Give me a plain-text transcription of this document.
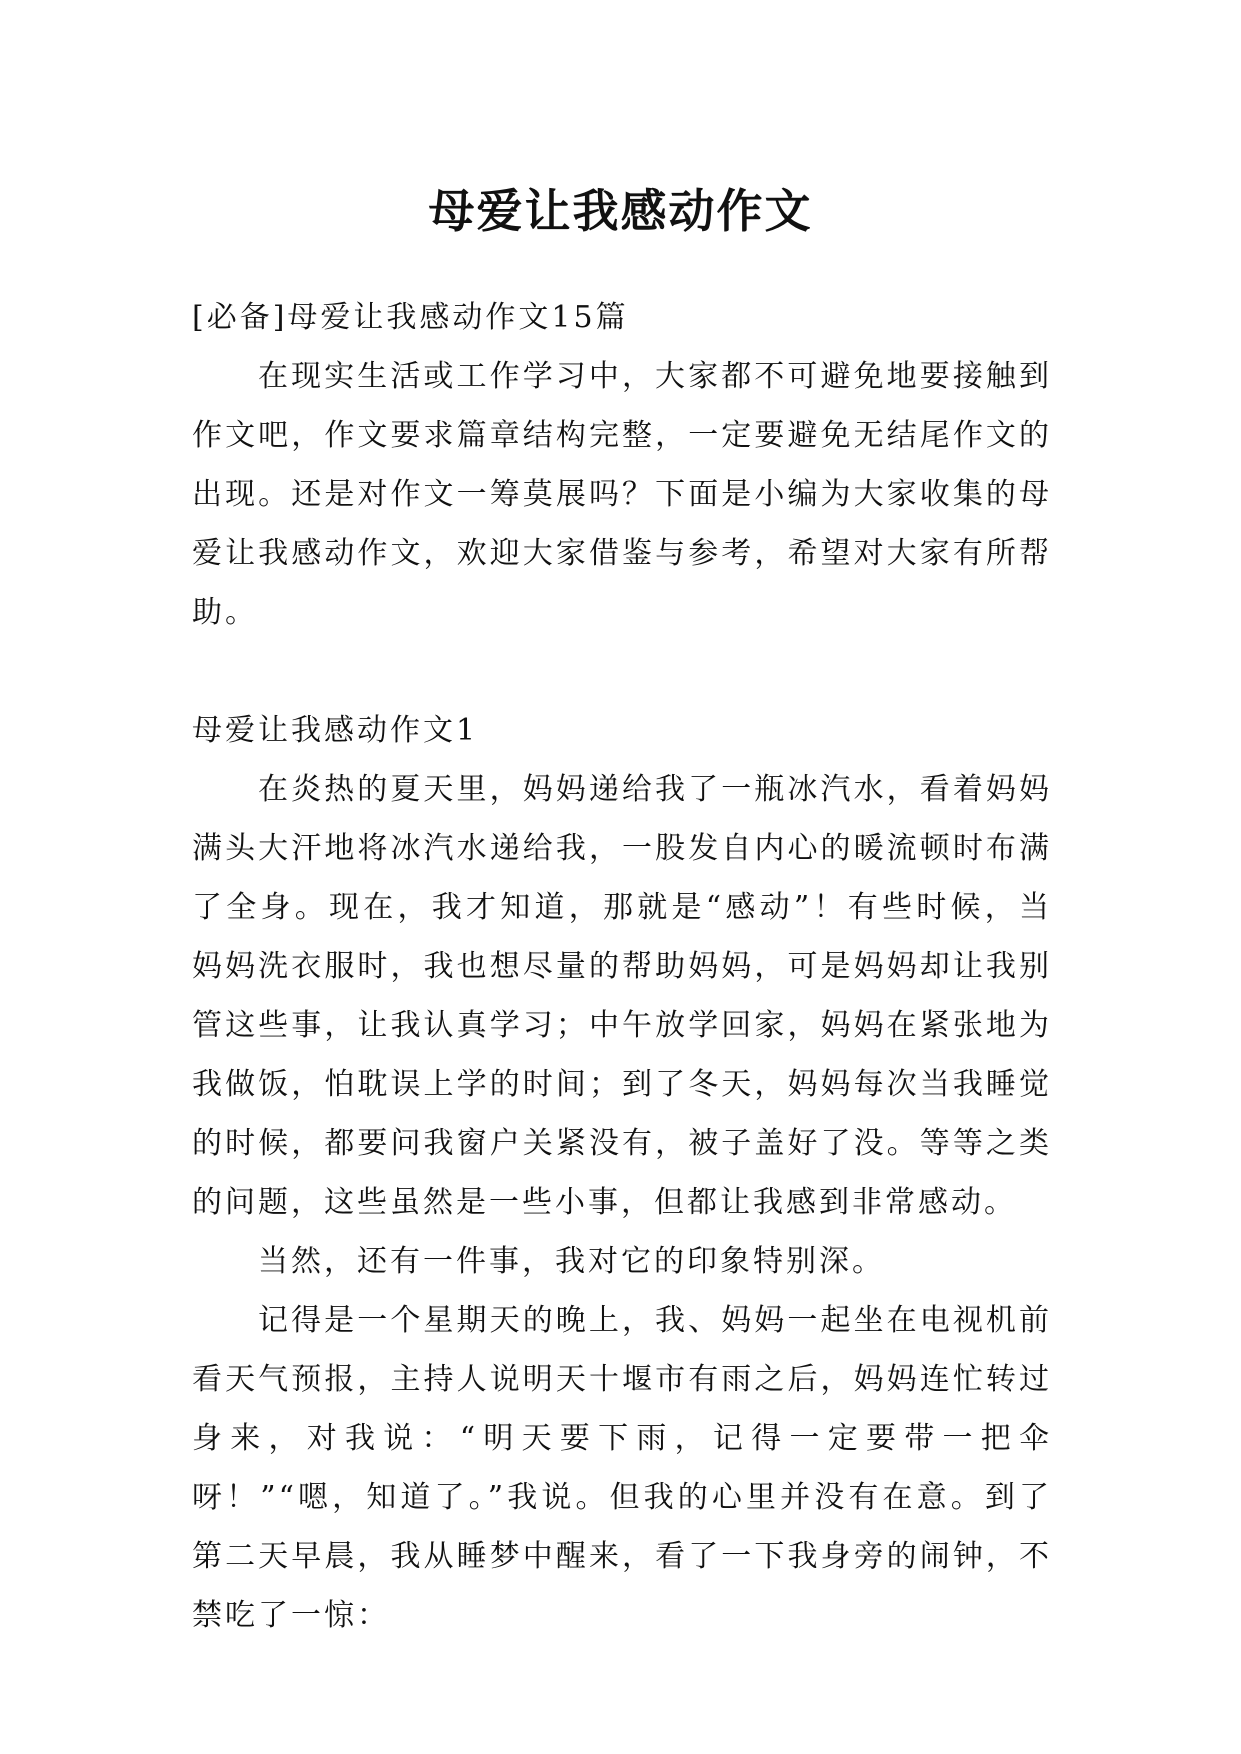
母爱让我感动作文

[必备]母爱让我感动作文15篇

在现实生活或工作学习中，大家都不可避免地要接触到作文吧，作文要求篇章结构完整，一定要避免无结尾作文的出现。还是对作文一筹莫展吗？下面是小编为大家收集的母爱让我感动作文，欢迎大家借鉴与参考，希望对大家有所帮助。

母爱让我感动作文1

在炎热的夏天里，妈妈递给我了一瓶冰汽水，看着妈妈满头大汗地将冰汽水递给我，一股发自内心的暖流顿时布满了全身。现在，我才知道，那就是“感动”！有些时候，当妈妈洗衣服时，我也想尽量的帮助妈妈，可是妈妈却让我别管这些事，让我认真学习；中午放学回家，妈妈在紧张地为我做饭，怕耽误上学的时间；到了冬天，妈妈每次当我睡觉的时候，都要问我窗户关紧没有，被子盖好了没。等等之类的问题，这些虽然是一些小事，但都让我感到非常感动。

当然，还有一件事，我对它的印象特别深。

记得是一个星期天的晚上，我、妈妈一起坐在电视机前看天气预报，主持人说明天十堰市有雨之后，妈妈连忙转过身来，对我说：“明天要下雨，记得一定要带一把伞呀！”“嗯，知道了。”我说。但我的心里并没有在意。到了第二天早晨，我从睡梦中醒来，看了一下我身旁的闹钟，不禁吃了一惊：
